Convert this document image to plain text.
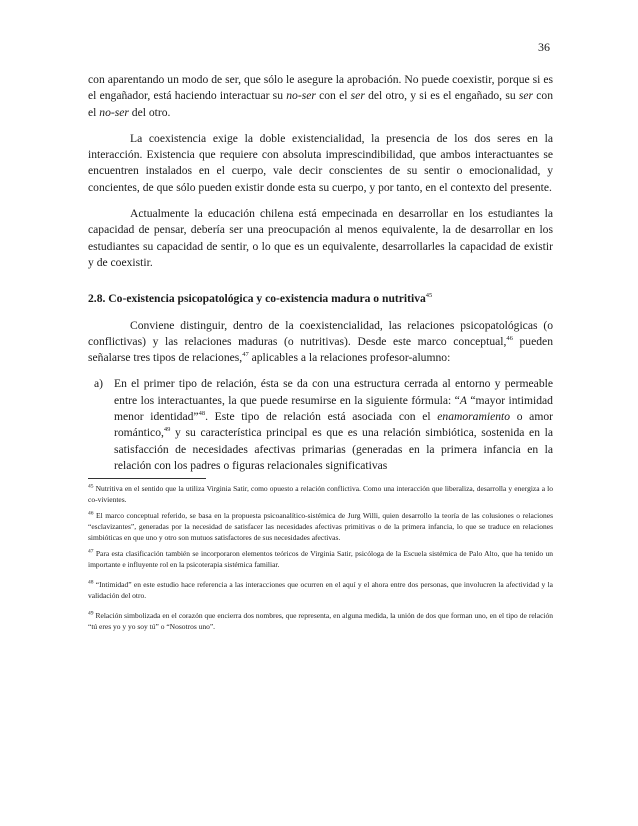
36

con aparentando un modo de ser, que sólo le asegure la aprobación. No puede coexistir, porque si es el engañador, está haciendo interactuar su no-ser con el ser del otro, y si es el engañado, su ser con el no-ser del otro.

La coexistencia exige la doble existencialidad, la presencia de los dos seres en la interacción. Existencia que requiere con absoluta imprescindibilidad, que ambos interactuantes se encuentren instalados en el cuerpo, vale decir conscientes de su sentir o emocionalidad, y concientes, de que sólo pueden existir donde esta su cuerpo, y por tanto, en el contexto del presente.

Actualmente la educación chilena está empecinada en desarrollar en los estudiantes la capacidad de pensar, debería ser una preocupación al menos equivalente, la de desarrollar en los estudiantes su capacidad de sentir, o lo que es un equivalente, desarrollarles la capacidad de existir y de coexistir.

2.8. Co-existencia psicopatológica y co-existencia madura o nutritiva$^{45}$

Conviene distinguir, dentro de la coexistencialidad, las relaciones psicopatológicas (o conflictivas) y las relaciones maduras (o nutritivas). Desde este marco conceptual,$^{46}$ pueden señalarse tres tipos de relaciones,$^{47}$ aplicables a la relaciones profesor-alumno:

a) En el primer tipo de relación, ésta se da con una estructura cerrada al entorno y permeable entre los interactuantes, la que puede resumirse en la siguiente fórmula: “A “mayor intimidad menor identidad”$^{48}$. Este tipo de relación está asociada con el enamoramiento o amor romántico,$^{49}$ y su característica principal es que es una relación simbiótica, sostenida en la satisfacción de necesidades afectivas primarias (generadas en la primera infancia en la relación con los padres o figuras relacionales significativas

$^{45}$ Nutritiva en el sentido que la utiliza Virginia Satir, como opuesto a relación conflictiva. Como una interacción que liberaliza, desarrolla y energiza a lo co-vivientes.

$^{46}$ El marco conceptual referido, se basa en la propuesta psicoanalítico-sistémica de Jurg Willi, quien desarrollo la teoría de las colusiones o relaciones “esclavizantes”, generadas por la necesidad de satisfacer las necesidades afectivas primitivas o de la primera infancia, lo que se traduce en relaciones simbióticas en que uno y otro son mutuos satisfactores de sus necesidades afectivas.

$^{47}$ Para esta clasificación también se incorporaron elementos teóricos de Virginia Satir, psicóloga de la Escuela sistémica de Palo Alto, que ha tenido un importante e influyente rol en la psicoterapia sistémica familiar.

$^{48}$ “Intimidad” en este estudio hace referencia a las interacciones que ocurren en el aquí y el ahora entre dos personas, que involucren la afectividad y la validación del otro.

$^{49}$ Relación simbolizada en el corazón que encierra dos nombres, que representa, en alguna medida, la unión de dos que forman uno, en el tipo de relación “tú eres yo y yo soy tú” o “Nosotros uno”.
